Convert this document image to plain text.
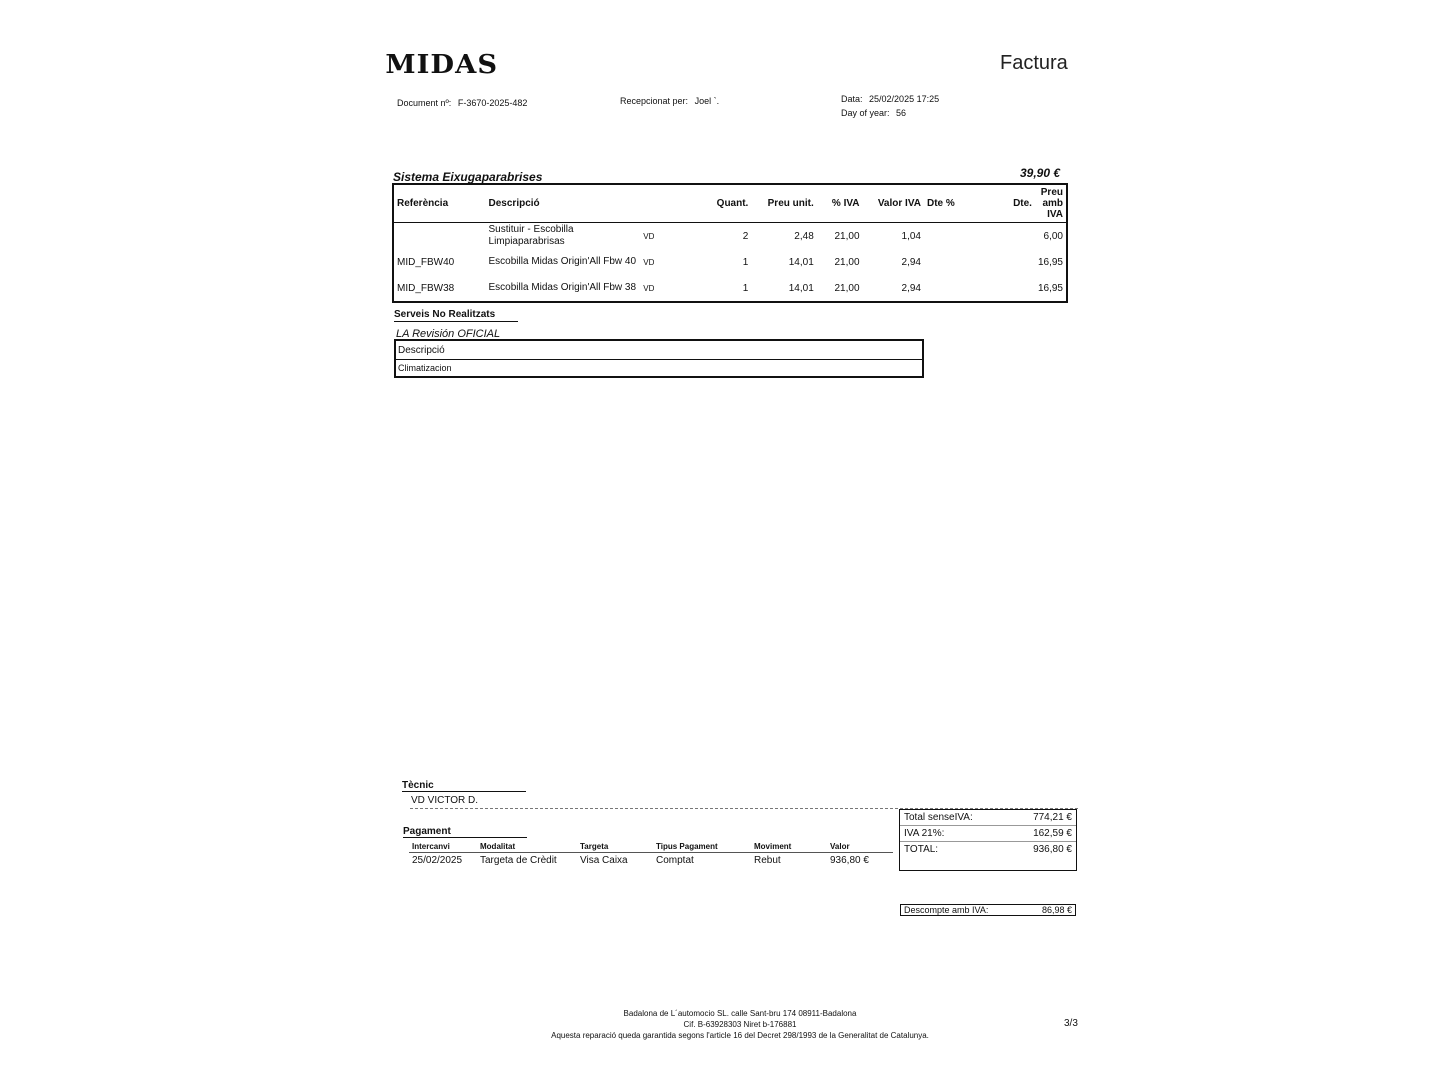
MIDAS	Factura
Document nº: F-3670-2025-482	Recepcionat per: Joel `.	Data: 25/02/2025 17:25
Day of year: 56
Sistema Eixugaparabrises	39,90 €
Referència	Descripció		Quant.	Preu unit.	% IVA	Valor IVA	Dte %	Dte.	Preu amb IVA
	Sustituir - Escobilla Limpiaparabrisas	VD	2	2,48	21,00	1,04			6,00
MID_FBW40	Escobilla Midas Origin'All Fbw 40	VD	1	14,01	21,00	2,94			16,95
MID_FBW38	Escobilla Midas Origin'All Fbw 38	VD	1	14,01	21,00	2,94			16,95
Serveis No Realitzats
LA Revisión OFICIAL
Descripció
Climatizacion
Tècnic
VD VICTOR D.
Pagament
Intercanvi	Modalitat	Targeta	Tipus Pagament	Moviment	Valor
25/02/2025	Targeta de Crèdit	Visa Caixa	Comptat	Rebut	936,80 €
Total senseIVA:	774,21 €
IVA 21%:	162,59 €
TOTAL:	936,80 €
Descompte amb IVA:	86,98 €
Badalona de L´automocio SL. calle Sant-bru 174 08911-Badalona
Cif. B-63928303 Niret b-176881
Aquesta reparació queda garantida segons l'article 16 del Decret 298/1993 de la Generalitat de Catalunya.
3/3
